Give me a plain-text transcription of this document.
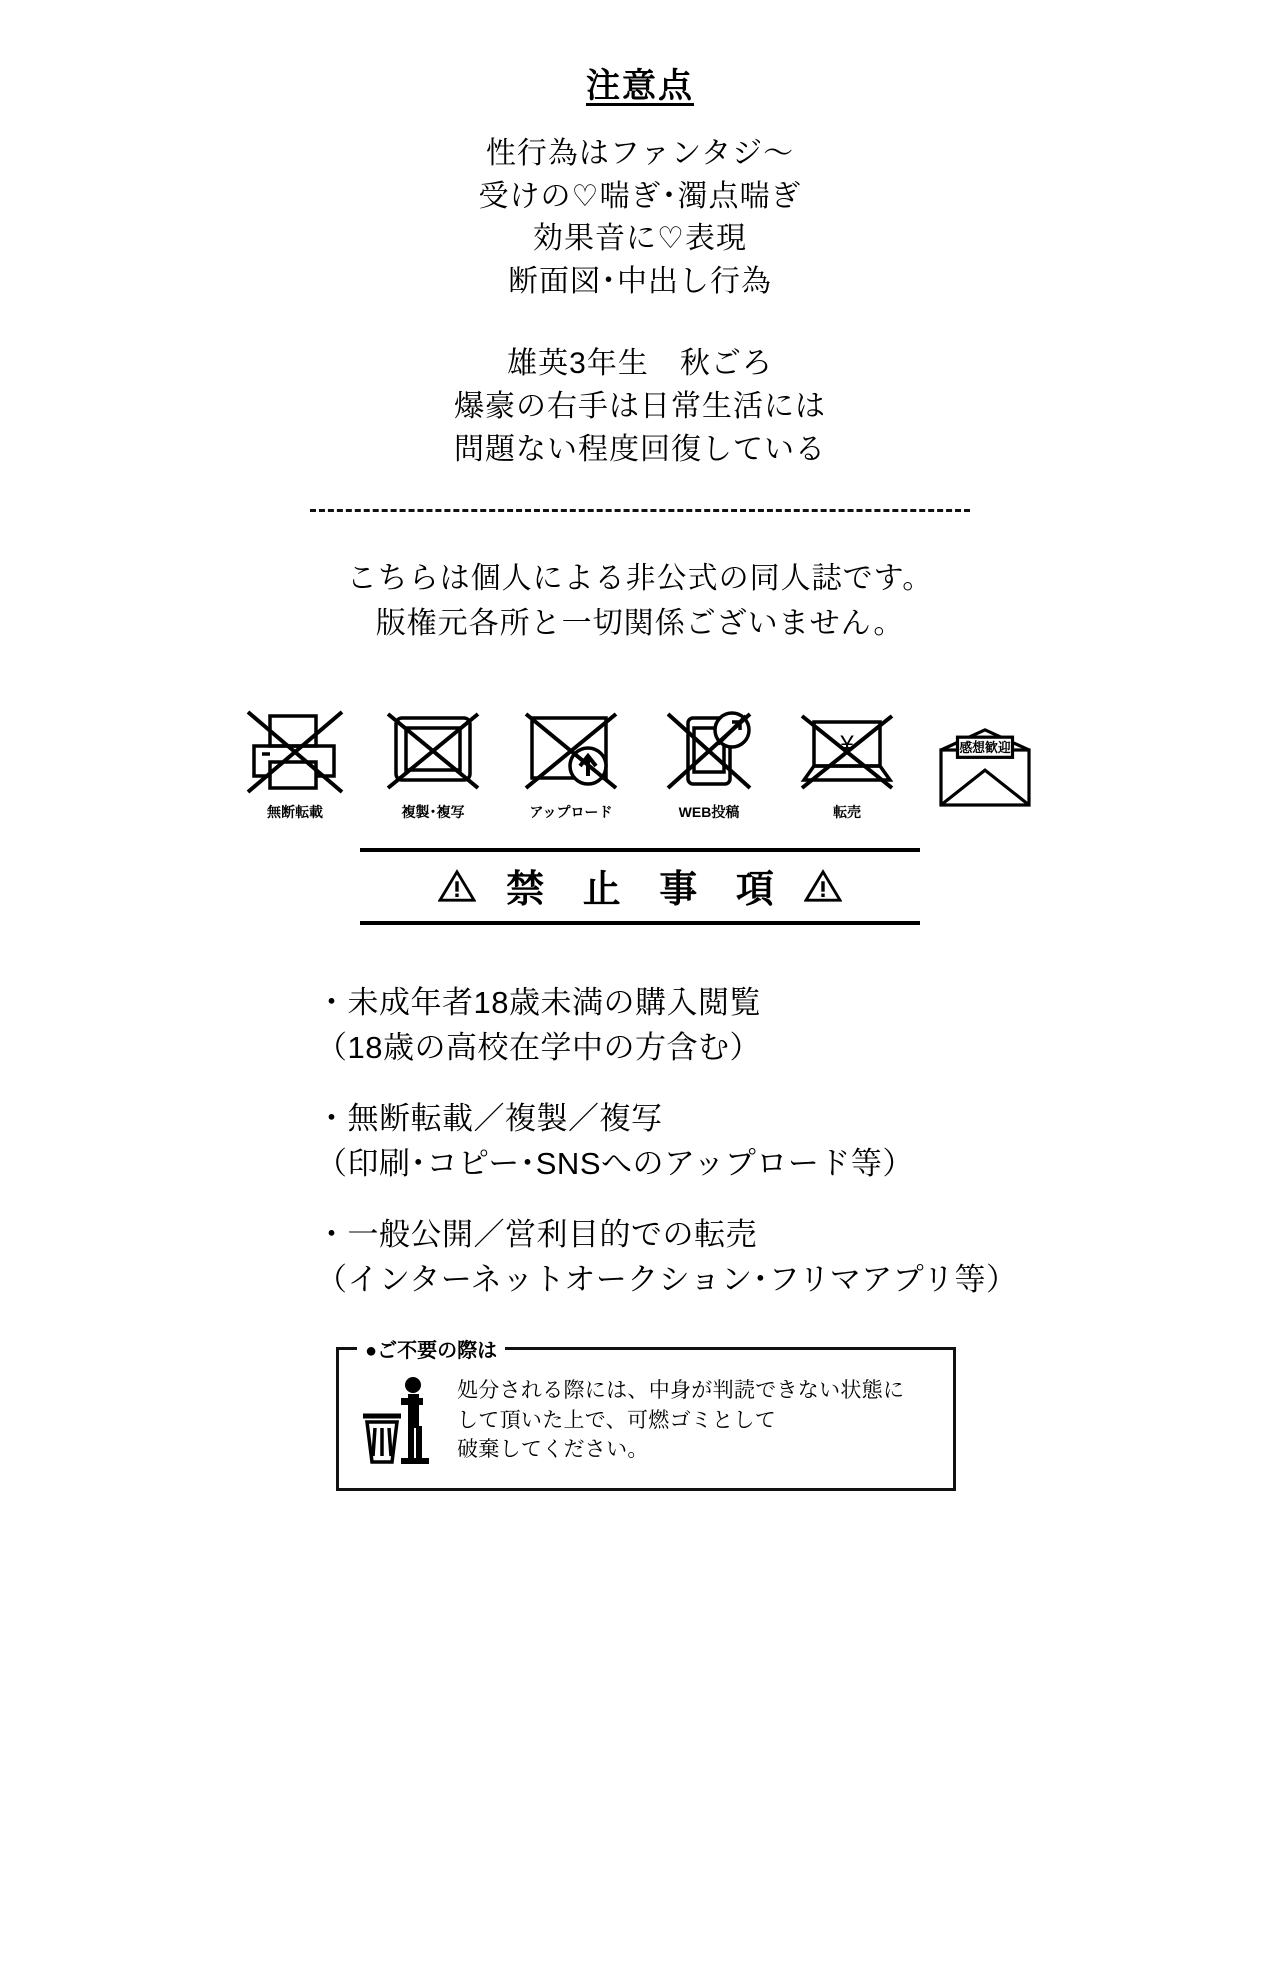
注意点
性行為はファンタジ〜
受けの♡喘ぎ･濁点喘ぎ
効果音に♡表現
断面図･中出し行為
雄英3年生　秋ごろ
爆豪の右手は日常生活には
問題ない程度回復している
こちらは個人による非公式の同人誌です。
版権元各所と一切関係ございません。
無断転載	複製･複写	アップロード	WEB投稿
¥
転売
感想歓迎
禁 止 事 項
・未成年者18歳未満の購入閲覧
（18歳の高校在学中の方含む）
・無断転載／複製／複写
（印刷･コピー･SNSへのアップロード等）
・一般公開／営利目的での転売
（インターネットオークション･フリマアプリ等）
●ご不要の際は
処分される際には、中身が判読できない状態に
して頂いた上で、可燃ゴミとして
破棄してください。
